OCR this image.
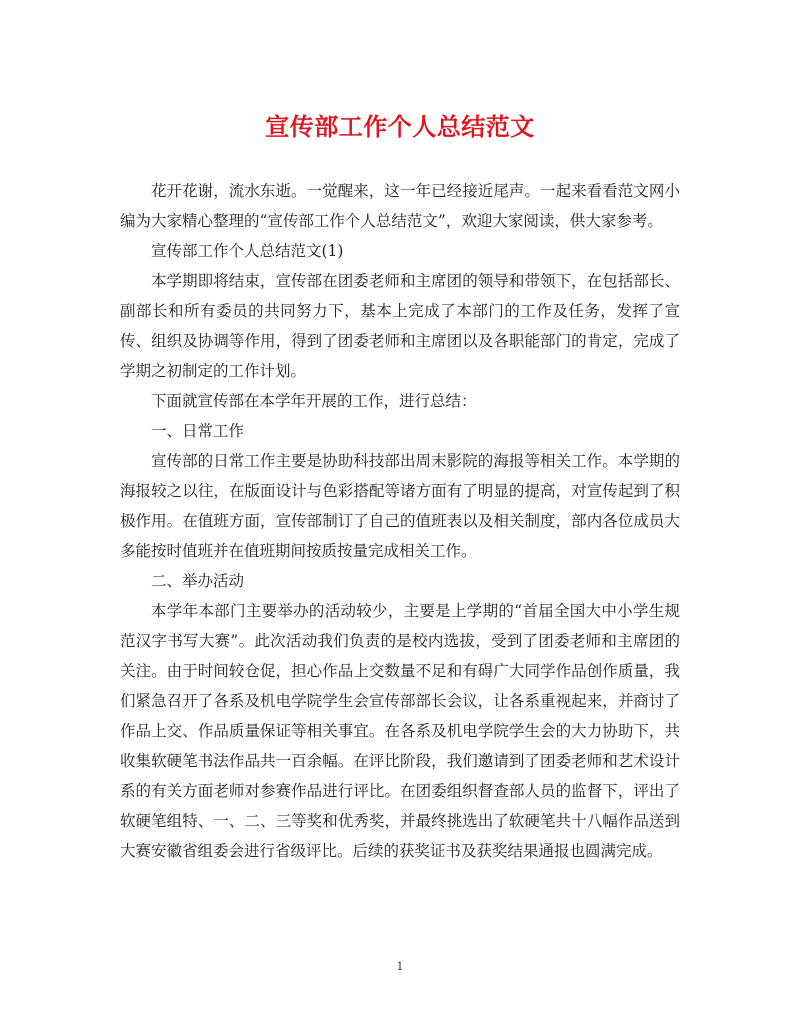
宣传部工作个人总结范文

花开花谢，流水东逝。一觉醒来，这一年已经接近尾声。一起来看看范文网小编为大家精心整理的“宣传部工作个人总结范文”，欢迎大家阅读，供大家参考。

宣传部工作个人总结范文(1)

本学期即将结束，宣传部在团委老师和主席团的领导和带领下，在包括部长、副部长和所有委员的共同努力下，基本上完成了本部门的工作及任务，发挥了宣传、组织及协调等作用，得到了团委老师和主席团以及各职能部门的肯定，完成了学期之初制定的工作计划。

下面就宣传部在本学年开展的工作，进行总结：

一、日常工作

宣传部的日常工作主要是协助科技部出周末影院的海报等相关工作。本学期的海报较之以往，在版面设计与色彩搭配等诸方面有了明显的提高，对宣传起到了积极作用。在值班方面，宣传部制订了自己的值班表以及相关制度，部内各位成员大多能按时值班并在值班期间按质按量完成相关工作。

二、举办活动

本学年本部门主要举办的活动较少，主要是上学期的“首届全国大中小学生规范汉字书写大赛”。此次活动我们负责的是校内选拔，受到了团委老师和主席团的关注。由于时间较仓促，担心作品上交数量不足和有碍广大同学作品创作质量，我们紧急召开了各系及机电学院学生会宣传部部长会议，让各系重视起来，并商讨了作品上交、作品质量保证等相关事宜。在各系及机电学院学生会的大力协助下，共收集软硬笔书法作品共一百余幅。在评比阶段，我们邀请到了团委老师和艺术设计系的有关方面老师对参赛作品进行评比。在团委组织督查部人员的监督下，评出了软硬笔组特、一、二、三等奖和优秀奖，并最终挑选出了软硬笔共十八幅作品送到大赛安徽省组委会进行省级评比。后续的获奖证书及获奖结果通报也圆满完成。

1
